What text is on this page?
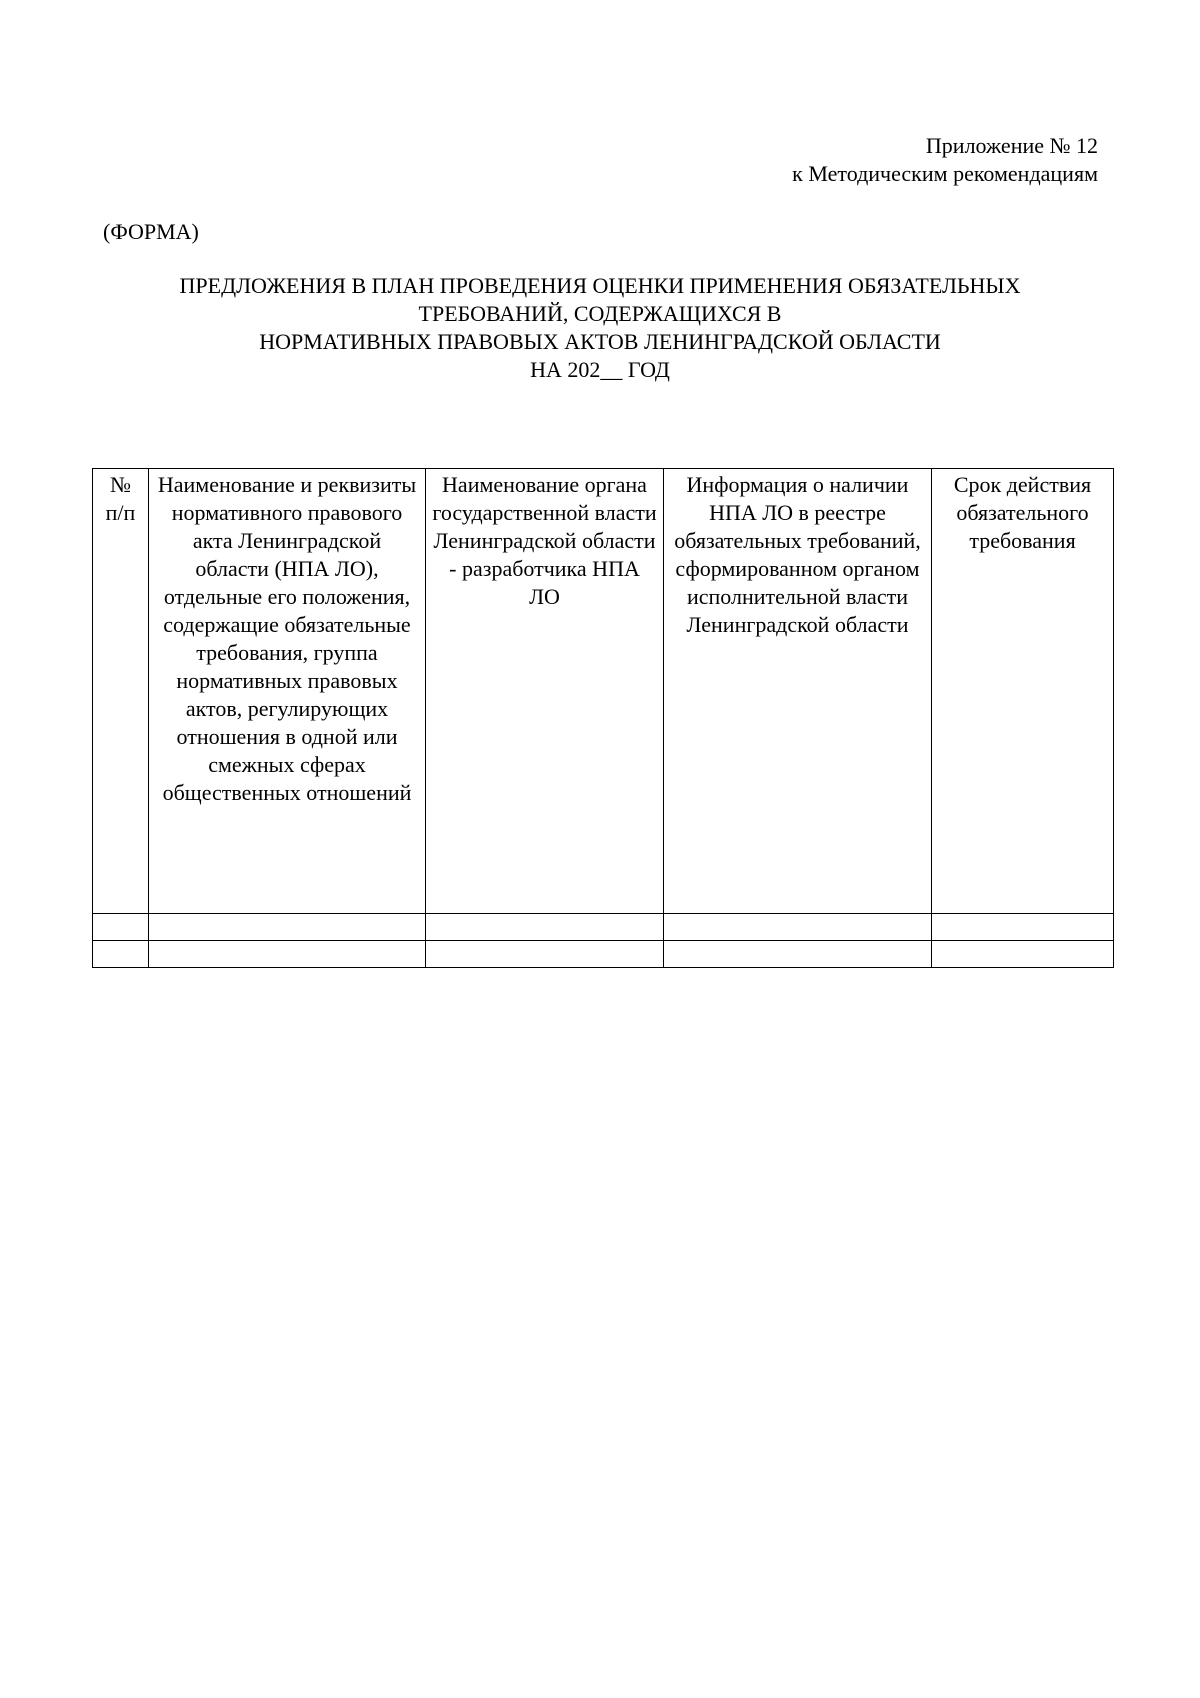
Приложение № 12
к Методическим рекомендациям
(ФОРМА)
ПРЕДЛОЖЕНИЯ В ПЛАН ПРОВЕДЕНИЯ ОЦЕНКИ ПРИМЕНЕНИЯ ОБЯЗАТЕЛЬНЫХ
ТРЕБОВАНИЙ, СОДЕРЖАЩИХСЯ В
НОРМАТИВНЫХ ПРАВОВЫХ АКТОВ ЛЕНИНГРАДСКОЙ ОБЛАСТИ
НА 202__ ГОД
№ п/п	Наименование и реквизиты нормативного правового акта Ленинградской области (НПА ЛО), отдельные его положения, содержащие обязательные требования, группа нормативных правовых актов, регулирующих отношения в одной или смежных сферах общественных отношений	Наименование органа государственной власти Ленинградской области - разработчика НПА ЛО	Информация о наличии НПА ЛО в реестре обязательных требований, сформированном органом исполнительной власти Ленинградской области	Срок действия обязательного требования
